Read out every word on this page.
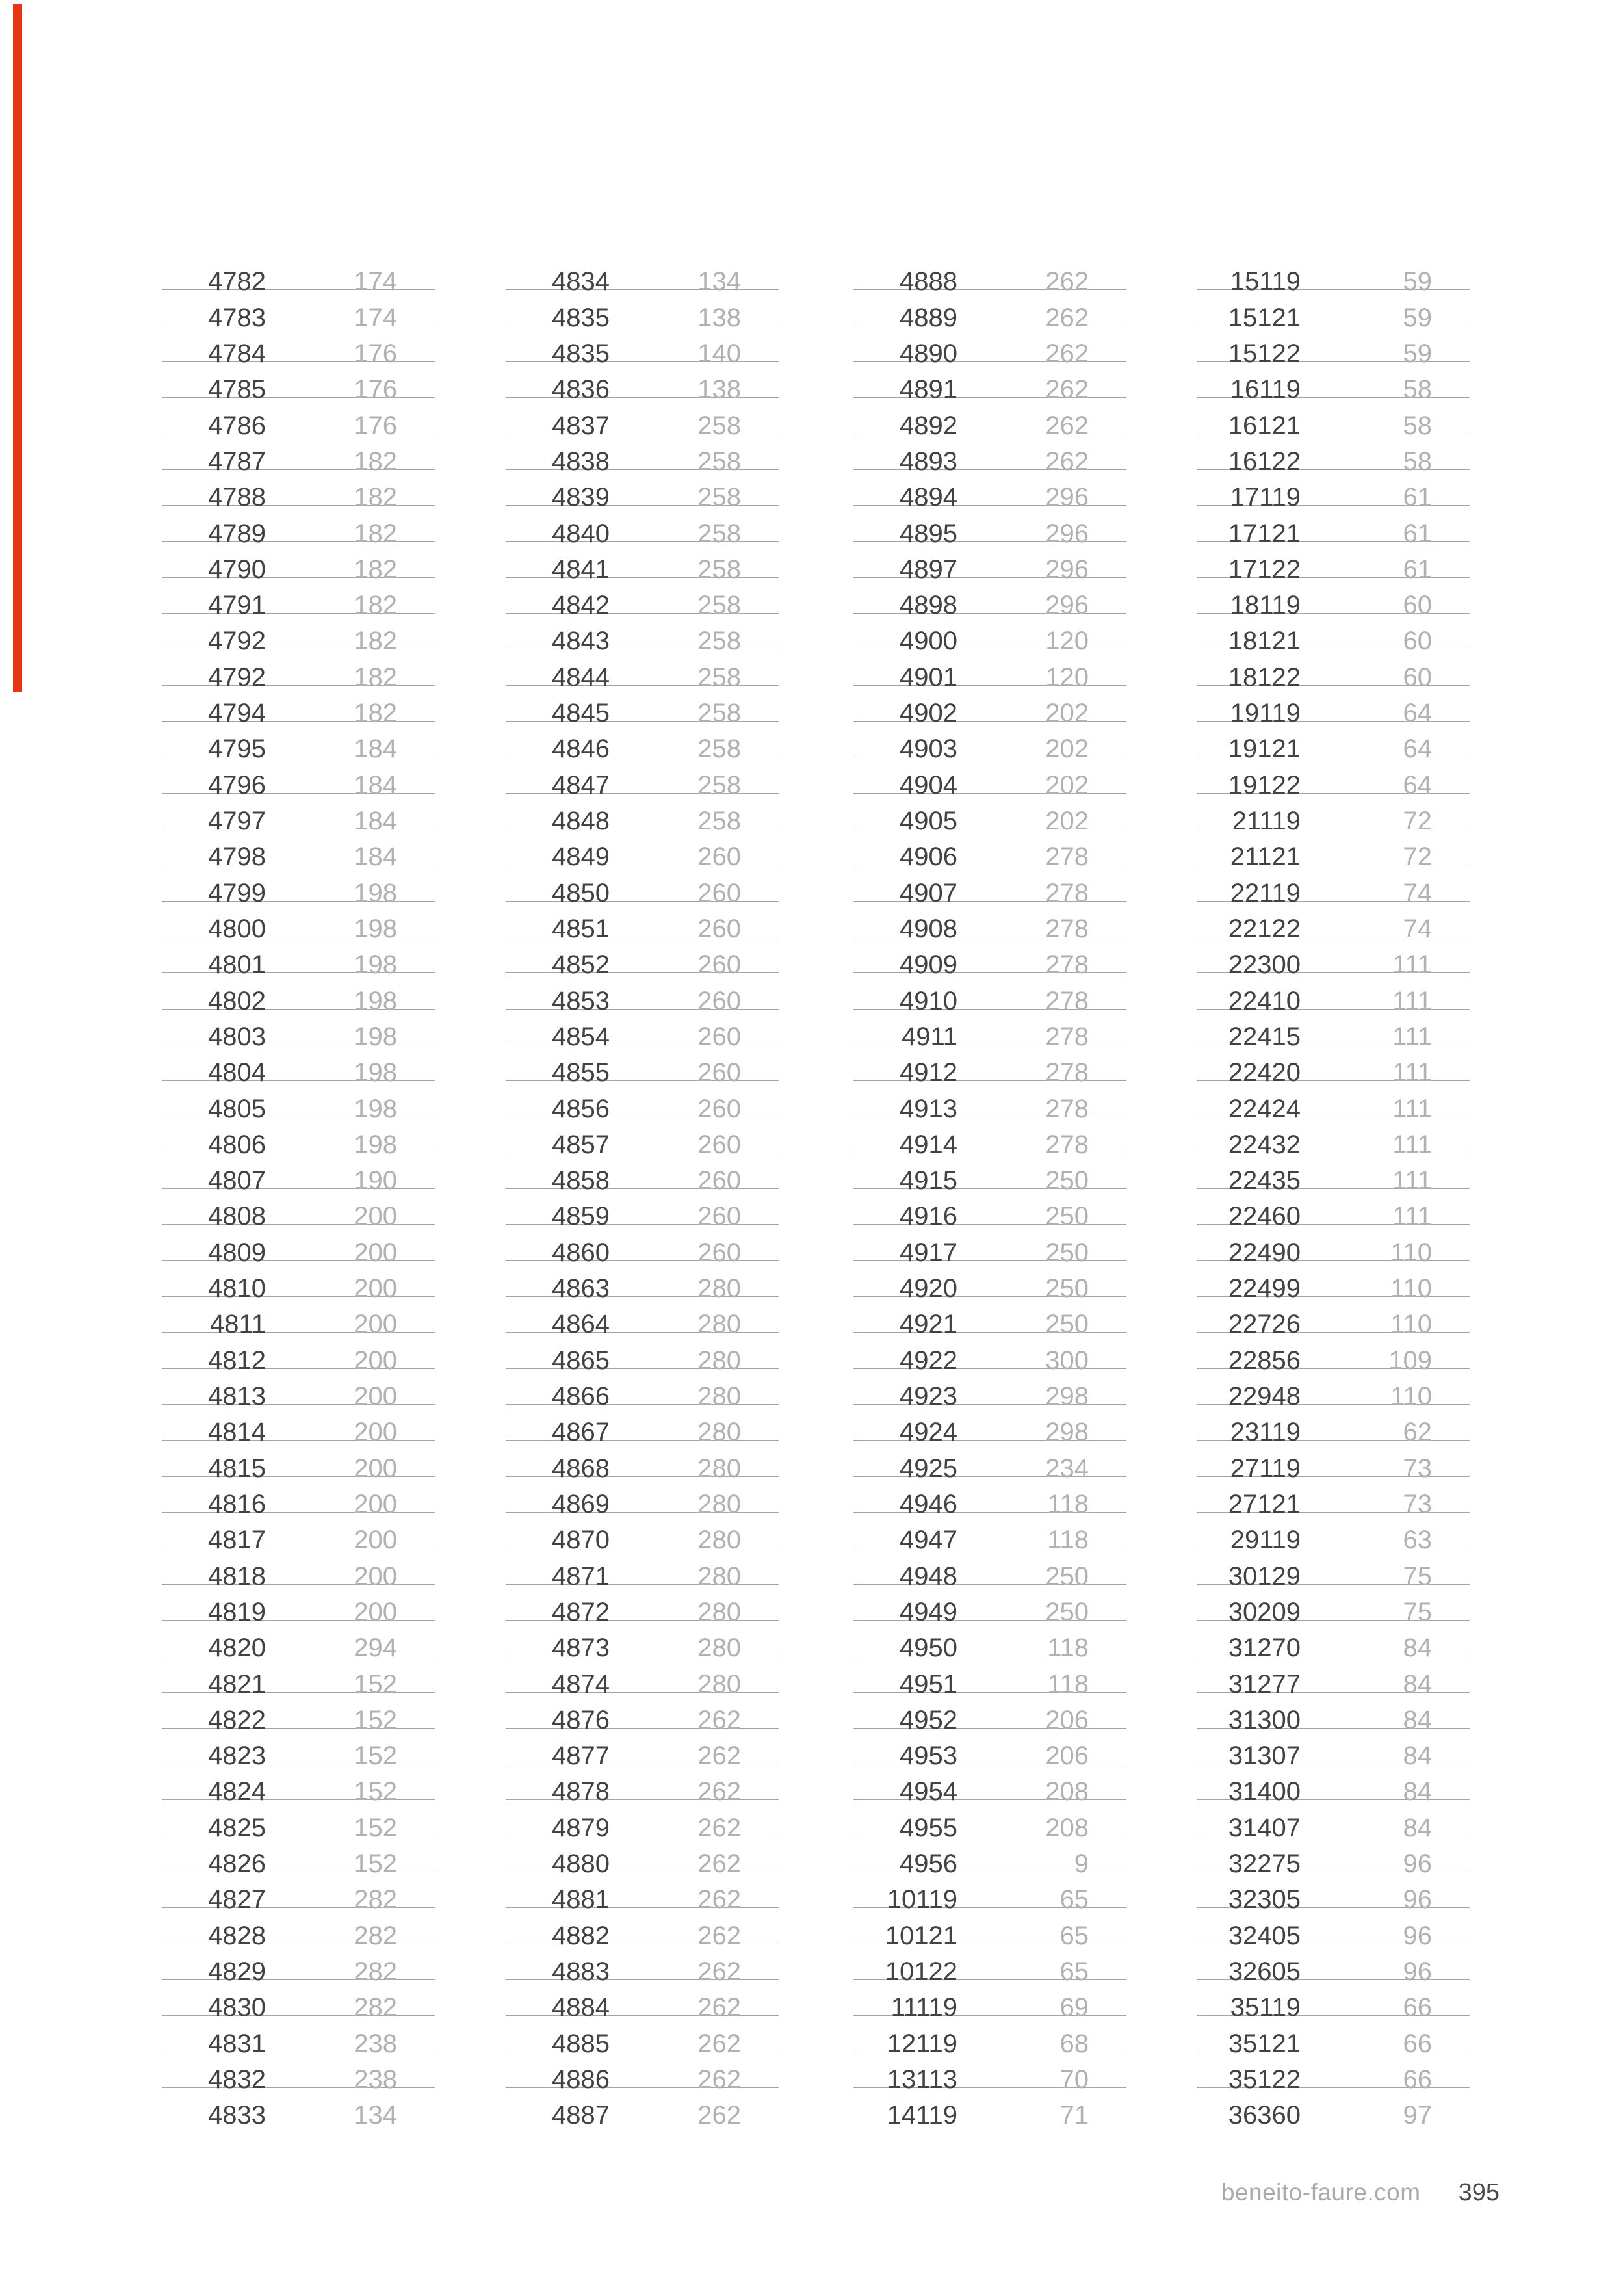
4782	174
4783	174
4784	176
4785	176
4786	176
4787	182
4788	182
4789	182
4790	182
4791	182
4792	182
4792	182
4794	182
4795	184
4796	184
4797	184
4798	184
4799	198
4800	198
4801	198
4802	198
4803	198
4804	198
4805	198
4806	198
4807	190
4808	200
4809	200
4810	200
4811	200
4812	200
4813	200
4814	200
4815	200
4816	200
4817	200
4818	200
4819	200
4820	294
4821	152
4822	152
4823	152
4824	152
4825	152
4826	152
4827	282
4828	282
4829	282
4830	282
4831	238
4832	238
4833	134
4834	134
4835	138
4835	140
4836	138
4837	258
4838	258
4839	258
4840	258
4841	258
4842	258
4843	258
4844	258
4845	258
4846	258
4847	258
4848	258
4849	260
4850	260
4851	260
4852	260
4853	260
4854	260
4855	260
4856	260
4857	260
4858	260
4859	260
4860	260
4863	280
4864	280
4865	280
4866	280
4867	280
4868	280
4869	280
4870	280
4871	280
4872	280
4873	280
4874	280
4876	262
4877	262
4878	262
4879	262
4880	262
4881	262
4882	262
4883	262
4884	262
4885	262
4886	262
4887	262
4888	262
4889	262
4890	262
4891	262
4892	262
4893	262
4894	296
4895	296
4897	296
4898	296
4900	120
4901	120
4902	202
4903	202
4904	202
4905	202
4906	278
4907	278
4908	278
4909	278
4910	278
4911	278
4912	278
4913	278
4914	278
4915	250
4916	250
4917	250
4920	250
4921	250
4922	300
4923	298
4924	298
4925	234
4946	118
4947	118
4948	250
4949	250
4950	118
4951	118
4952	206
4953	206
4954	208
4955	208
4956	9
10119	65
10121	65
10122	65
11119	69
12119	68
13113	70
14119	71
15119	59
15121	59
15122	59
16119	58
16121	58
16122	58
17119	61
17121	61
17122	61
18119	60
18121	60
18122	60
19119	64
19121	64
19122	64
21119	72
21121	72
22119	74
22122	74
22300	111
22410	111
22415	111
22420	111
22424	111
22432	111
22435	111
22460	111
22490	110
22499	110
22726	110
22856	109
22948	110
23119	62
27119	73
27121	73
29119	63
30129	75
30209	75
31270	84
31277	84
31300	84
31307	84
31400	84
31407	84
32275	96
32305	96
32405	96
32605	96
35119	66
35121	66
35122	66
36360	97
beneito-faure.com 395
